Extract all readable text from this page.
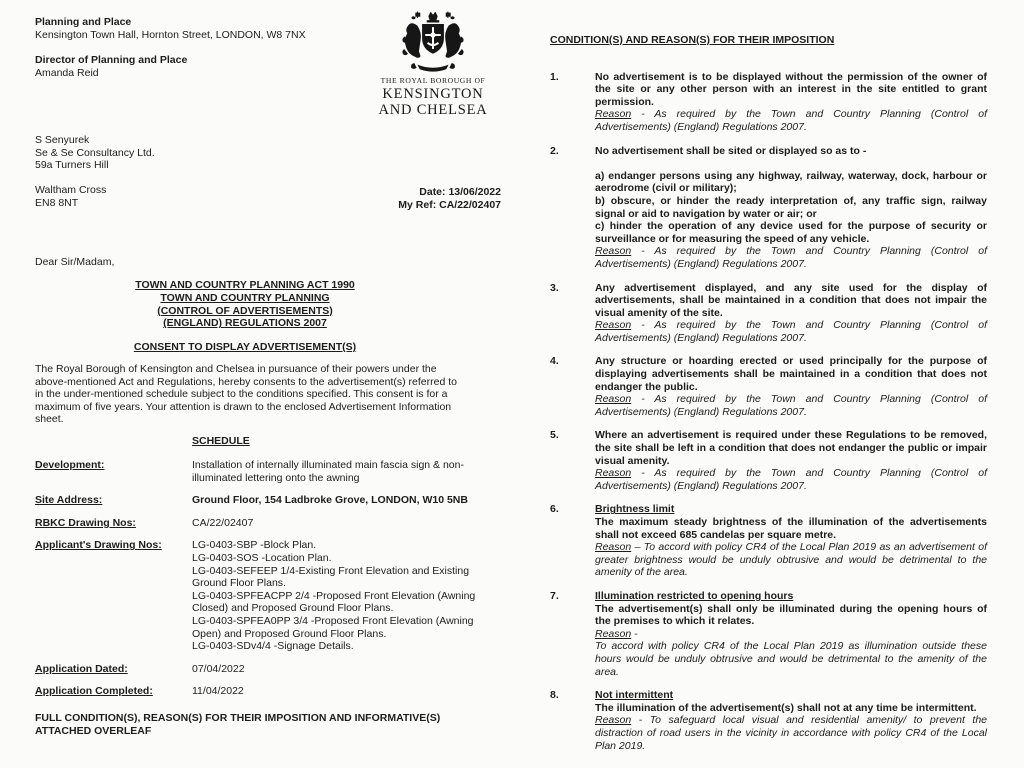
Planning and Place
Kensington Town Hall, Hornton Street, LONDON, W8 7NX
Director of Planning and Place
Amanda Reid
THE ROYAL BOROUGH OF
KENSINGTON
AND CHELSEA
S Senyurek
Se & Se Consultancy Ltd.
59a Turners Hill
Waltham Cross
EN8 8NT
Date: 13/06/2022
My Ref: CA/22/02407
Dear Sir/Madam,
TOWN AND COUNTRY PLANNING ACT 1990
TOWN AND COUNTRY PLANNING
(CONTROL OF ADVERTISEMENTS)
(ENGLAND) REGULATIONS 2007
CONSENT TO DISPLAY ADVERTISEMENT(S)
The Royal Borough of Kensington and Chelsea in pursuance of their powers under the above-mentioned Act and Regulations, hereby consents to the advertisement(s) referred to in the under-mentioned schedule subject to the conditions specified. This consent is for a maximum of five years. Your attention is drawn to the enclosed Advertisement Information sheet.
SCHEDULE
Development:	Installation of internally illuminated main fascia sign & non-illuminated lettering onto the awning
Site Address:	Ground Floor, 154 Ladbroke Grove, LONDON, W10 5NB
RBKC Drawing Nos:	CA/22/02407
Applicant's Drawing Nos:	LG-0403-SBP -Block Plan.
LG-0403-SOS -Location Plan.
LG-0403-SEFEEP 1/4-Existing Front Elevation and Existing Ground Floor Plans.
LG-0403-SPFEACPP 2/4 -Proposed Front Elevation (Awning Closed) and Proposed Ground Floor Plans.
LG-0403-SPFEA0PP 3/4 -Proposed Front Elevation (Awning Open) and Proposed Ground Floor Plans.
LG-0403-SDv4/4 -Signage Details.
Application Dated:	07/04/2022
Application Completed:	11/04/2022
FULL CONDITION(S), REASON(S) FOR THEIR IMPOSITION AND INFORMATIVE(S) ATTACHED OVERLEAF
CONDITION(S) AND REASON(S) FOR THEIR IMPOSITION
1.	No advertisement is to be displayed without the permission of the owner of the site or any other person with an interest in the site entitled to grant permission.
Reason - As required by the Town and Country Planning (Control of Advertisements) (England) Regulations 2007.
2.	No advertisement shall be sited or displayed so as to -
a) endanger persons using any highway, railway, waterway, dock, harbour or aerodrome (civil or military);
b) obscure, or hinder the ready interpretation of, any traffic sign, railway signal or aid to navigation by water or air; or
c) hinder the operation of any device used for the purpose of security or surveillance or for measuring the speed of any vehicle.
Reason - As required by the Town and Country Planning (Control of Advertisements) (England) Regulations 2007.
3.	Any advertisement displayed, and any site used for the display of advertisements, shall be maintained in a condition that does not impair the visual amenity of the site.
Reason - As required by the Town and Country Planning (Control of Advertisements) (England) Regulations 2007.
4.	Any structure or hoarding erected or used principally for the purpose of displaying advertisements shall be maintained in a condition that does not endanger the public.
Reason - As required by the Town and Country Planning (Control of Advertisements) (England) Regulations 2007.
5.	Where an advertisement is required under these Regulations to be removed, the site shall be left in a condition that does not endanger the public or impair visual amenity.
Reason - As required by the Town and Country Planning (Control of Advertisements) (England) Regulations 2007.
6.	Brightness limit
The maximum steady brightness of the illumination of the advertisements shall not exceed 685 candelas per square metre.
Reason – To accord with policy CR4 of the Local Plan 2019 as an advertisement of greater brightness would be unduly obtrusive and would be detrimental to the amenity of the area.
7.	Illumination restricted to opening hours
The advertisement(s) shall only be illuminated during the opening hours of the premises to which it relates.
Reason -
To accord with policy CR4 of the Local Plan 2019 as illumination outside these hours would be unduly obtrusive and would be detrimental to the amenity of the area.
8.	Not intermittent
The illumination of the advertisement(s) shall not at any time be intermittent.
Reason - To safeguard local visual and residential amenity/ to prevent the distraction of road users in the vicinity in accordance with policy CR4 of the Local Plan 2019.
